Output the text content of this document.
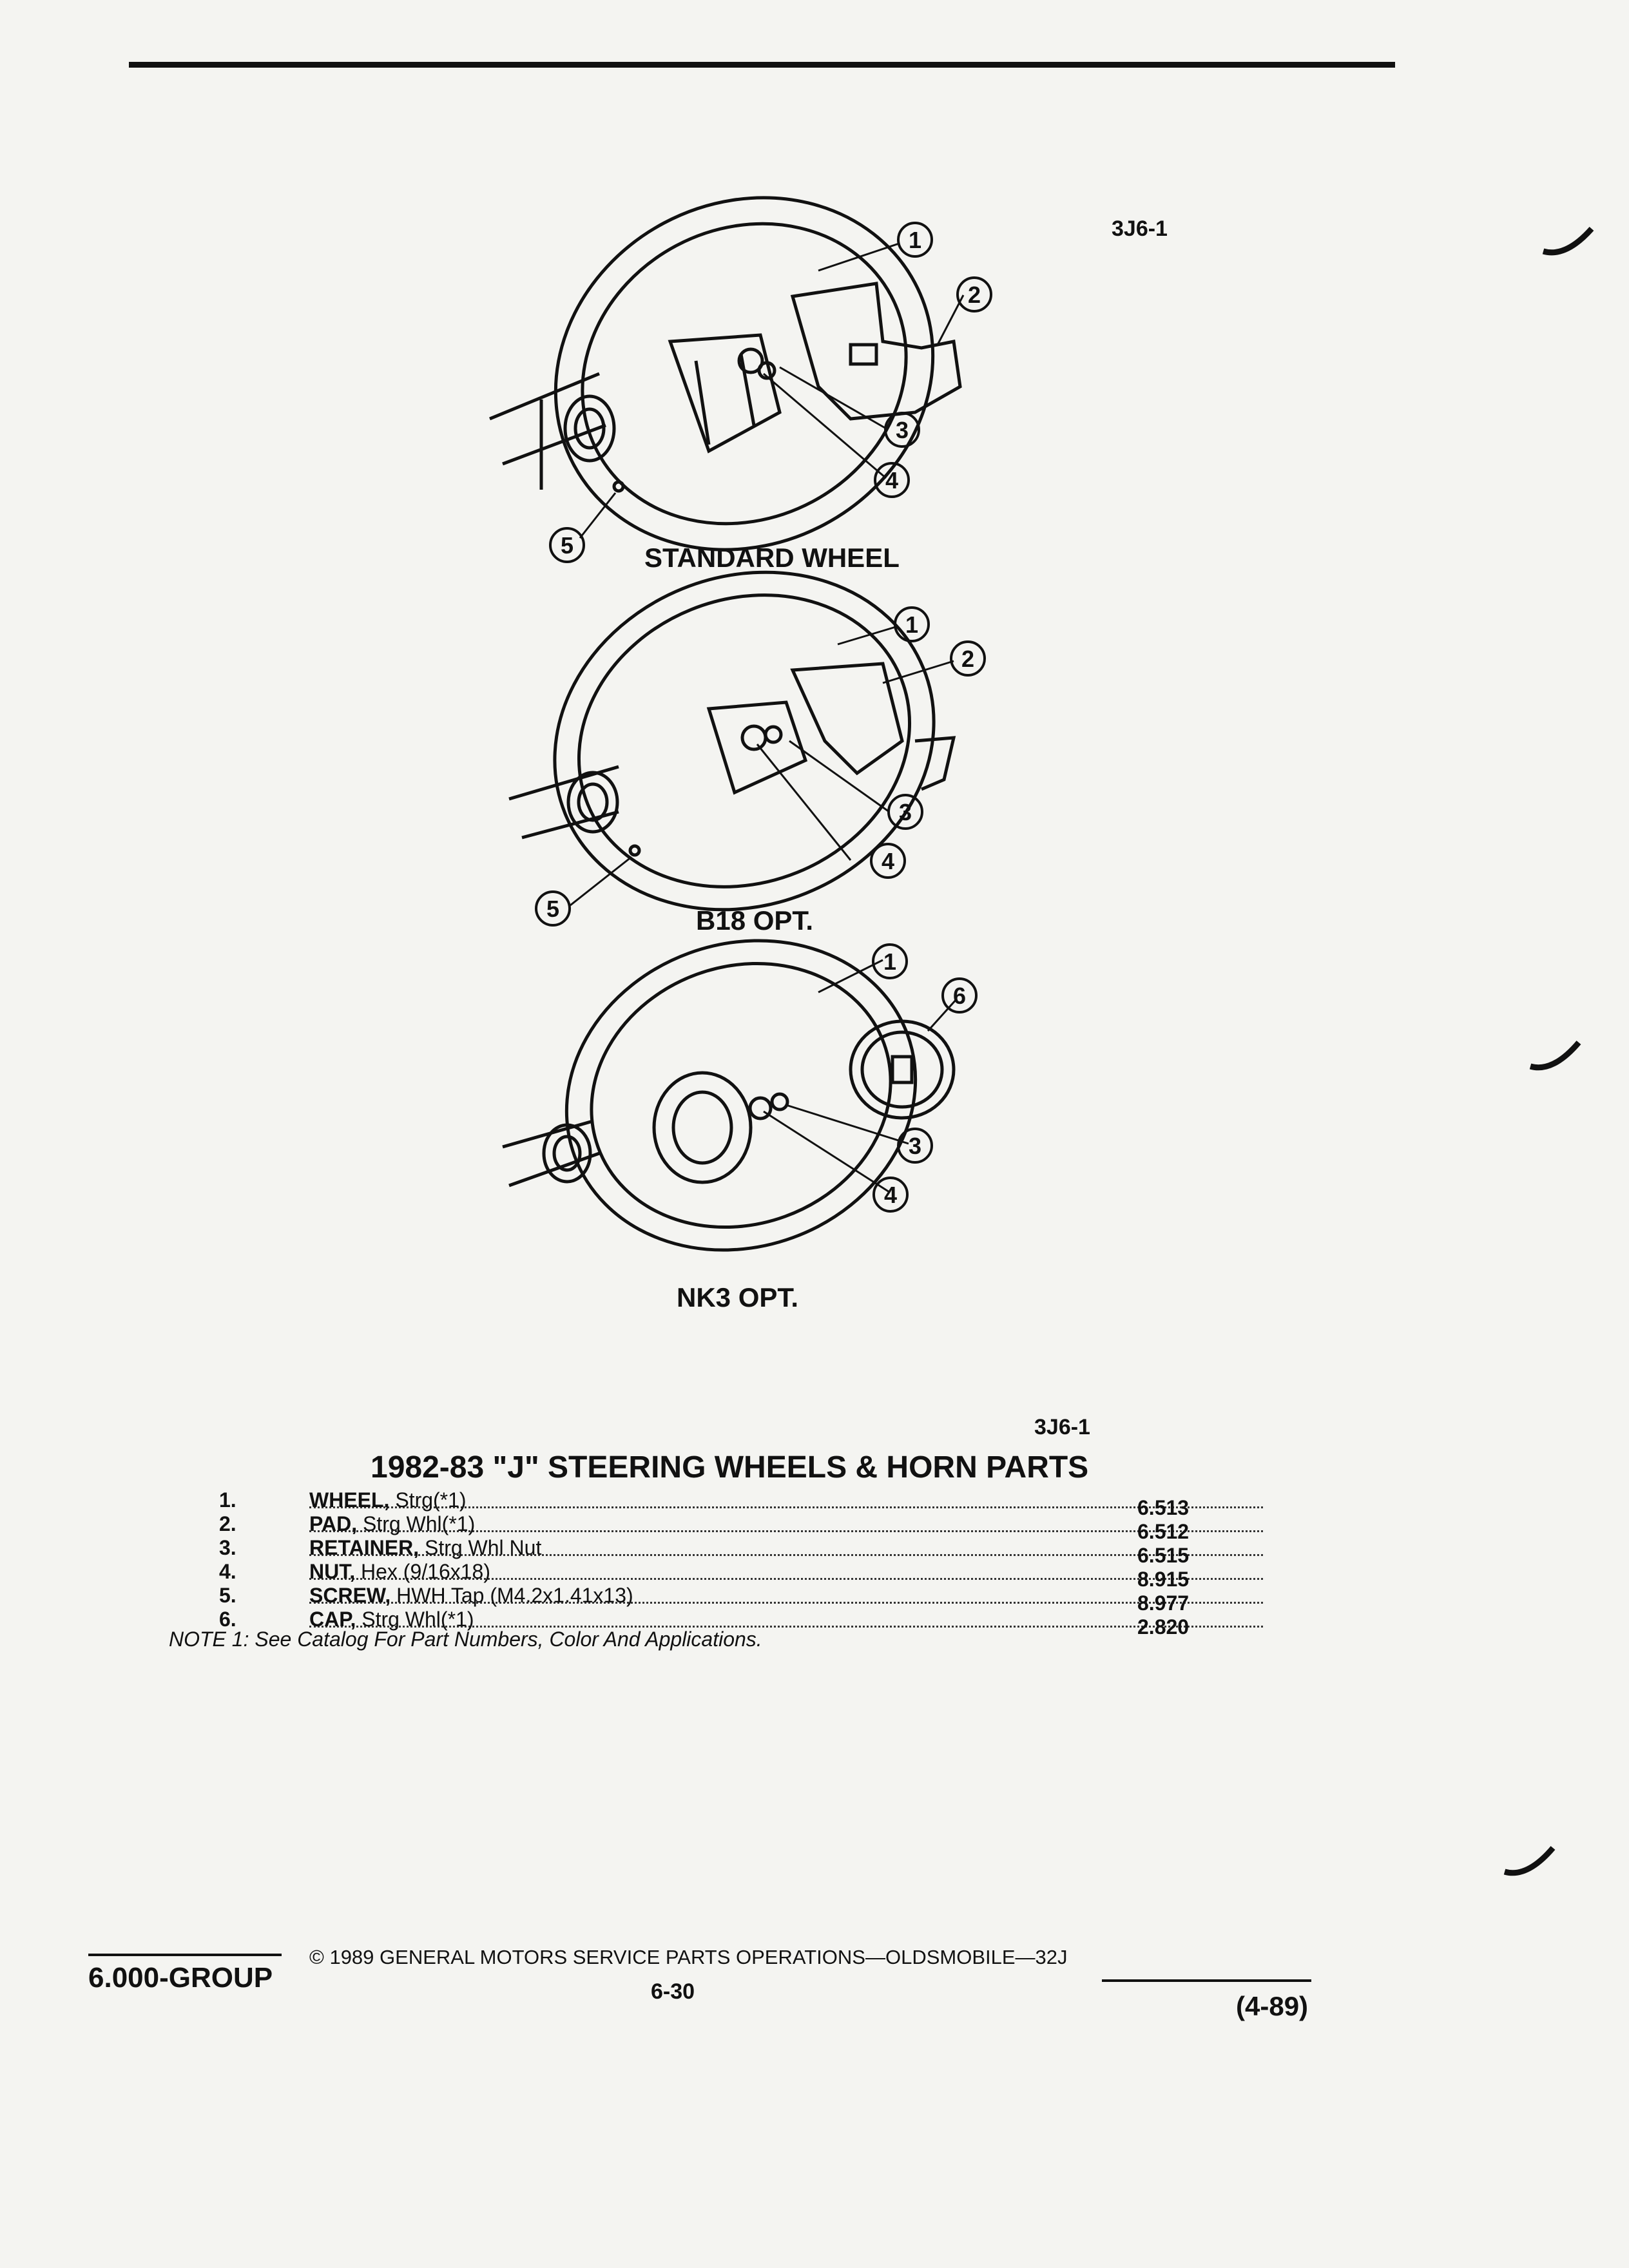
3J6-1
1
2
3
4
5
1
2
3
4
5
1
6
3
4
STANDARD WHEEL
B18 OPT.
NK3 OPT.
3J6-1
1982-83 "J" STEERING WHEELS & HORN PARTS
1.	WHEEL, Strg(*1)	6.513
2.	PAD, Strg Whl(*1)	6.512
3.	RETAINER, Strg Whl Nut	6.515
4.	NUT, Hex (9/16x18)	8.915
5.	SCREW, HWH Tap (M4.2x1.41x13)	8.977
6.	CAP, Strg Whl(*1)	2.820
NOTE 1: See Catalog For Part Numbers, Color And Applications.
6.000-GROUP
© 1989 GENERAL MOTORS SERVICE PARTS OPERATIONS—OLDSMOBILE—32J
6-30	(4-89)
